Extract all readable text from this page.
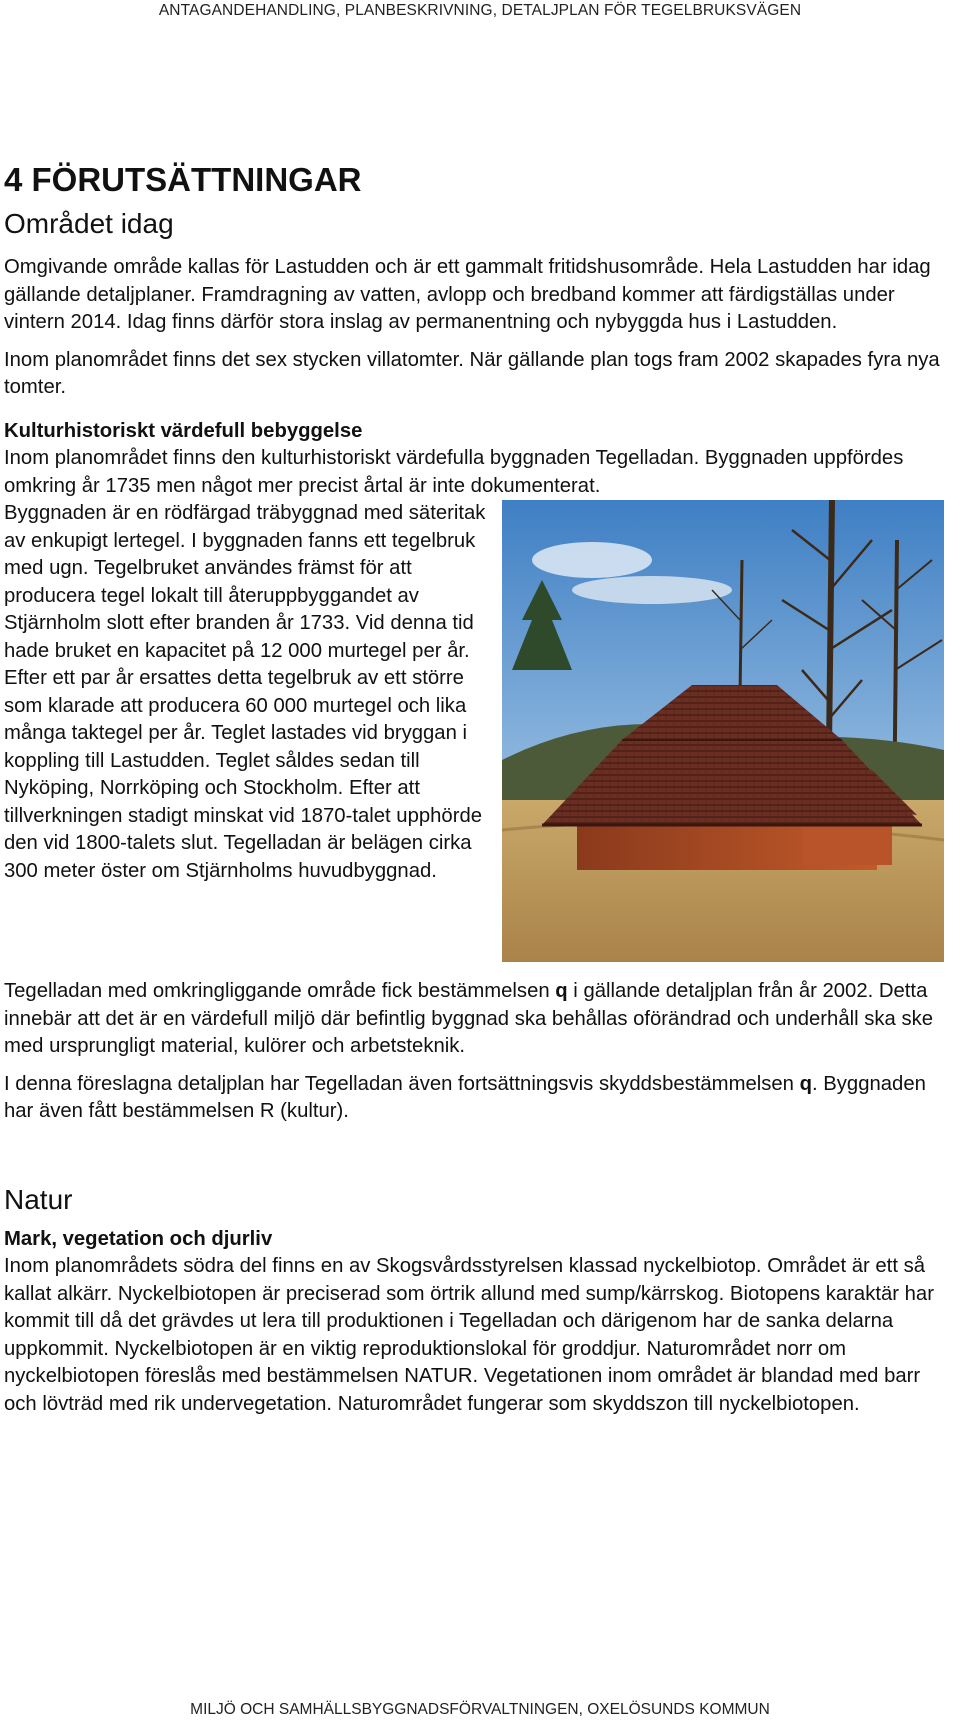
ANTAGANDEHANDLING, PLANBESKRIVNING, DETALJPLAN FÖR TEGELBRUKSVÄGEN
4 FÖRUTSÄTTNINGAR
Området idag

Omgivande område kallas för Lastudden och är ett gammalt fritidshusområde. Hela Lastudden har idag gällande detaljplaner. Framdragning av vatten, avlopp och bredband kommer att färdigställas under vintern 2014. Idag finns därför stora inslag av permanentning och nybyggda hus i Lastudden.

Inom planområdet finns det sex stycken villatomter. När gällande plan togs fram 2002 skapades fyra nya tomter.

Kulturhistoriskt värdefull bebyggelse

Inom planområdet finns den kulturhistoriskt värdefulla byggnaden Tegelladan. Byggnaden uppfördes omkring år 1735 men något mer precist årtal är inte dokumenterat.

Byggnaden är en rödfärgad träbyggnad med säteritak av enkupigt lertegel. I byggnaden fanns ett tegelbruk med ugn. Tegelbruket användes främst för att producera tegel lokalt till återuppbyggandet av Stjärnholm slott efter branden år 1733. Vid denna tid hade bruket en kapacitet på 12 000 murtegel per år. Efter ett par år ersattes detta tegelbruk av ett större som klarade att producera 60 000 murtegel och lika många taktegel per år. Teglet lastades vid bryggan i koppling till Lastudden. Teglet såldes sedan till Nyköping, Norrköping och Stockholm. Efter att tillverkningen stadigt minskat vid 1870-talet upphörde den vid 1800-talets slut. Tegelladan är belägen cirka 300 meter öster om Stjärnholms huvudbyggnad.

Tegelladan med omkringliggande område fick bestämmelsen q i gällande detaljplan från år 2002. Detta innebär att det är en värdefull miljö där befintlig byggnad ska behållas oförändrad och underhåll ska ske med ursprungligt material, kulörer och arbetsteknik.

I denna föreslagna detaljplan har Tegelladan även fortsättningsvis skyddsbestämmelsen q. Byggnaden har även fått bestämmelsen R (kultur).

Natur
Mark, vegetation och djurliv

Inom planområdets södra del finns en av Skogsvårdsstyrelsen klassad nyckelbiotop. Området är ett så kallat alkärr. Nyckelbiotopen är preciserad som örtrik allund med sump/kärrskog. Biotopens karaktär har kommit till då det grävdes ut lera till produktionen i Tegelladan och därigenom har de sanka delarna uppkommit. Nyckelbiotopen är en viktig reproduktionslokal för groddjur. Naturområdet norr om nyckelbiotopen föreslås med bestämmelsen NATUR. Vegetationen inom området är blandad med barr och lövträd med rik undervegetation. Naturområdet fungerar som skyddszon till nyckelbiotopen.

MILJÖ OCH SAMHÄLLSBYGGNADSFÖRVALTNINGEN, OXELÖSUNDS KOMMUN
